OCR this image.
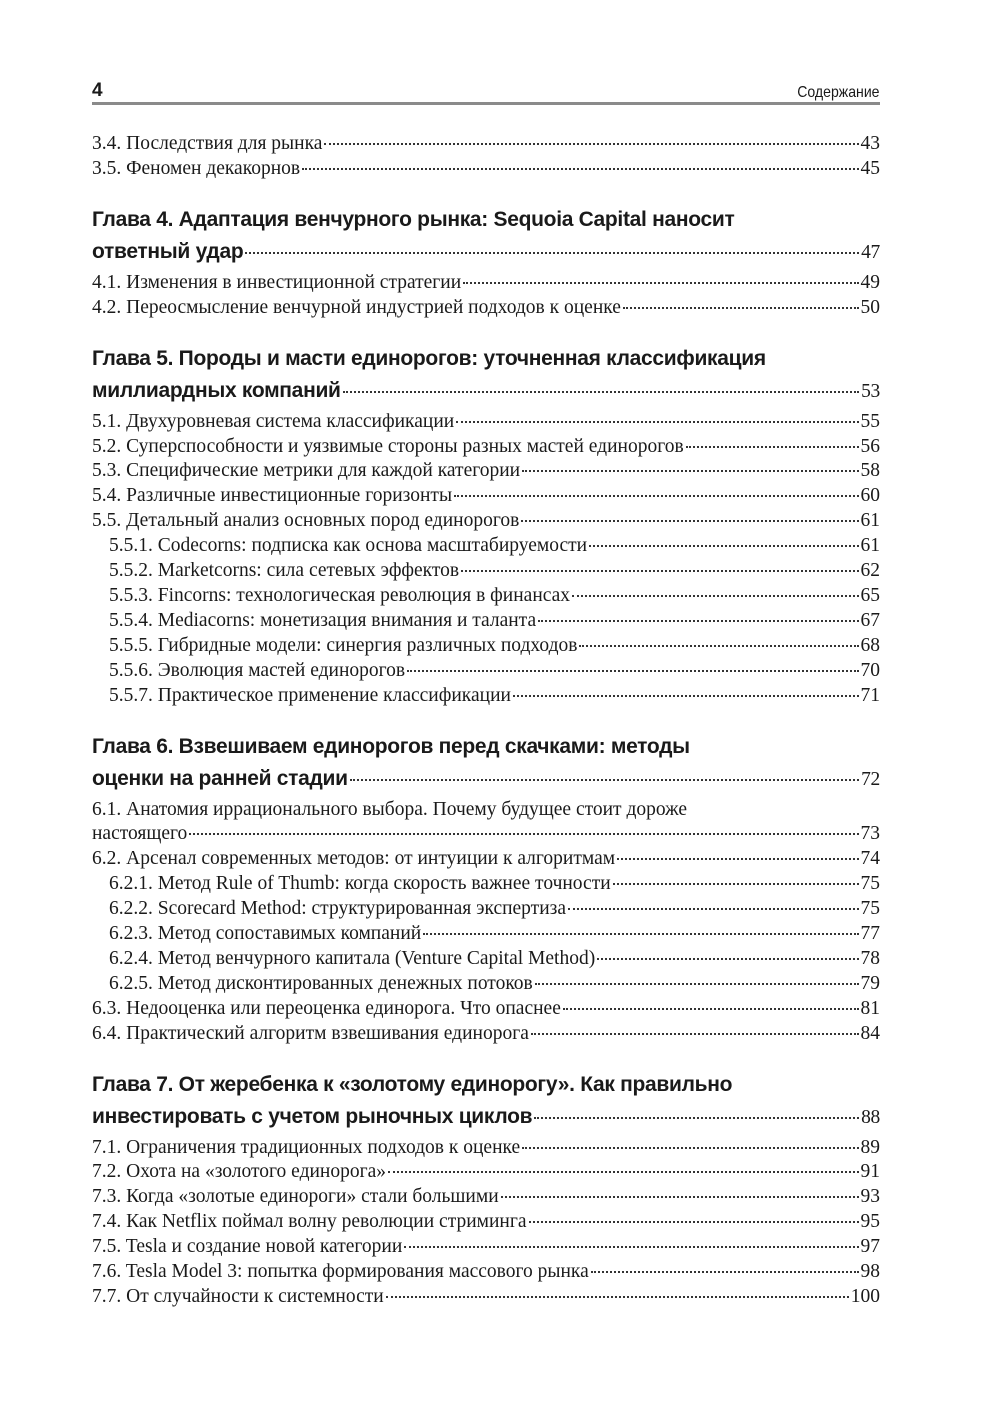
4	Содержание
3.4. Последствия для рынка	43
3.5. Феномен декакорнов	45
Глава 4. Адаптация венчурного рынка: Sequoia Capital наносит
ответный удар	47
4.1. Изменения в инвестиционной стратегии	49
4.2. Переосмысление венчурной индустрией подходов к оценке	50
Глава 5. Породы и масти единорогов: уточненная классификация
миллиардных компаний	53
5.1. Двухуровневая система классификации	55
5.2. Суперспособности и уязвимые стороны разных мастей единорогов	56
5.3. Специфические метрики для каждой категории	58
5.4. Различные инвестиционные горизонты	60
5.5. Детальный анализ основных пород единорогов	61
5.5.1. Codecorns: подписка как основа масштабируемости	61
5.5.2. Marketcorns: сила сетевых эффектов	62
5.5.3. Fincorns: технологическая революция в финансах	65
5.5.4. Mediacorns: монетизация внимания и таланта	67
5.5.5. Гибридные модели: синергия различных подходов	68
5.5.6. Эволюция мастей единорогов	70
5.5.7. Практическое применение классификации	71
Глава 6. Взвешиваем единорогов перед скачками: методы
оценки на ранней стадии	72
6.1. Анатомия иррационального выбора. Почему будущее стоит дороже
настоящего	73
6.2. Арсенал современных методов: от интуиции к алгоритмам	74
6.2.1. Метод Rule of Thumb: когда скорость важнее точности	75
6.2.2. Scorecard Method: структурированная экспертиза	75
6.2.3. Метод сопоставимых компаний	77
6.2.4. Метод венчурного капитала (Venture Capital Method)	78
6.2.5. Метод дисконтированных денежных потоков	79
6.3. Недооценка или переоценка единорога. Что опаснее	81
6.4. Практический алгоритм взвешивания единорога	84
Глава 7. От жеребенка к «золотому единорогу». Как правильно
инвестировать с учетом рыночных циклов	88
7.1. Ограничения традиционных подходов к оценке	89
7.2. Охота на «золотого единорога»	91
7.3. Когда «золотые единороги» стали большими	93
7.4. Как Netflix поймал волну революции стриминга	95
7.5. Tesla и создание новой категории	97
7.6. Tesla Model 3: попытка формирования массового рынка	98
7.7. От случайности к системности	100
